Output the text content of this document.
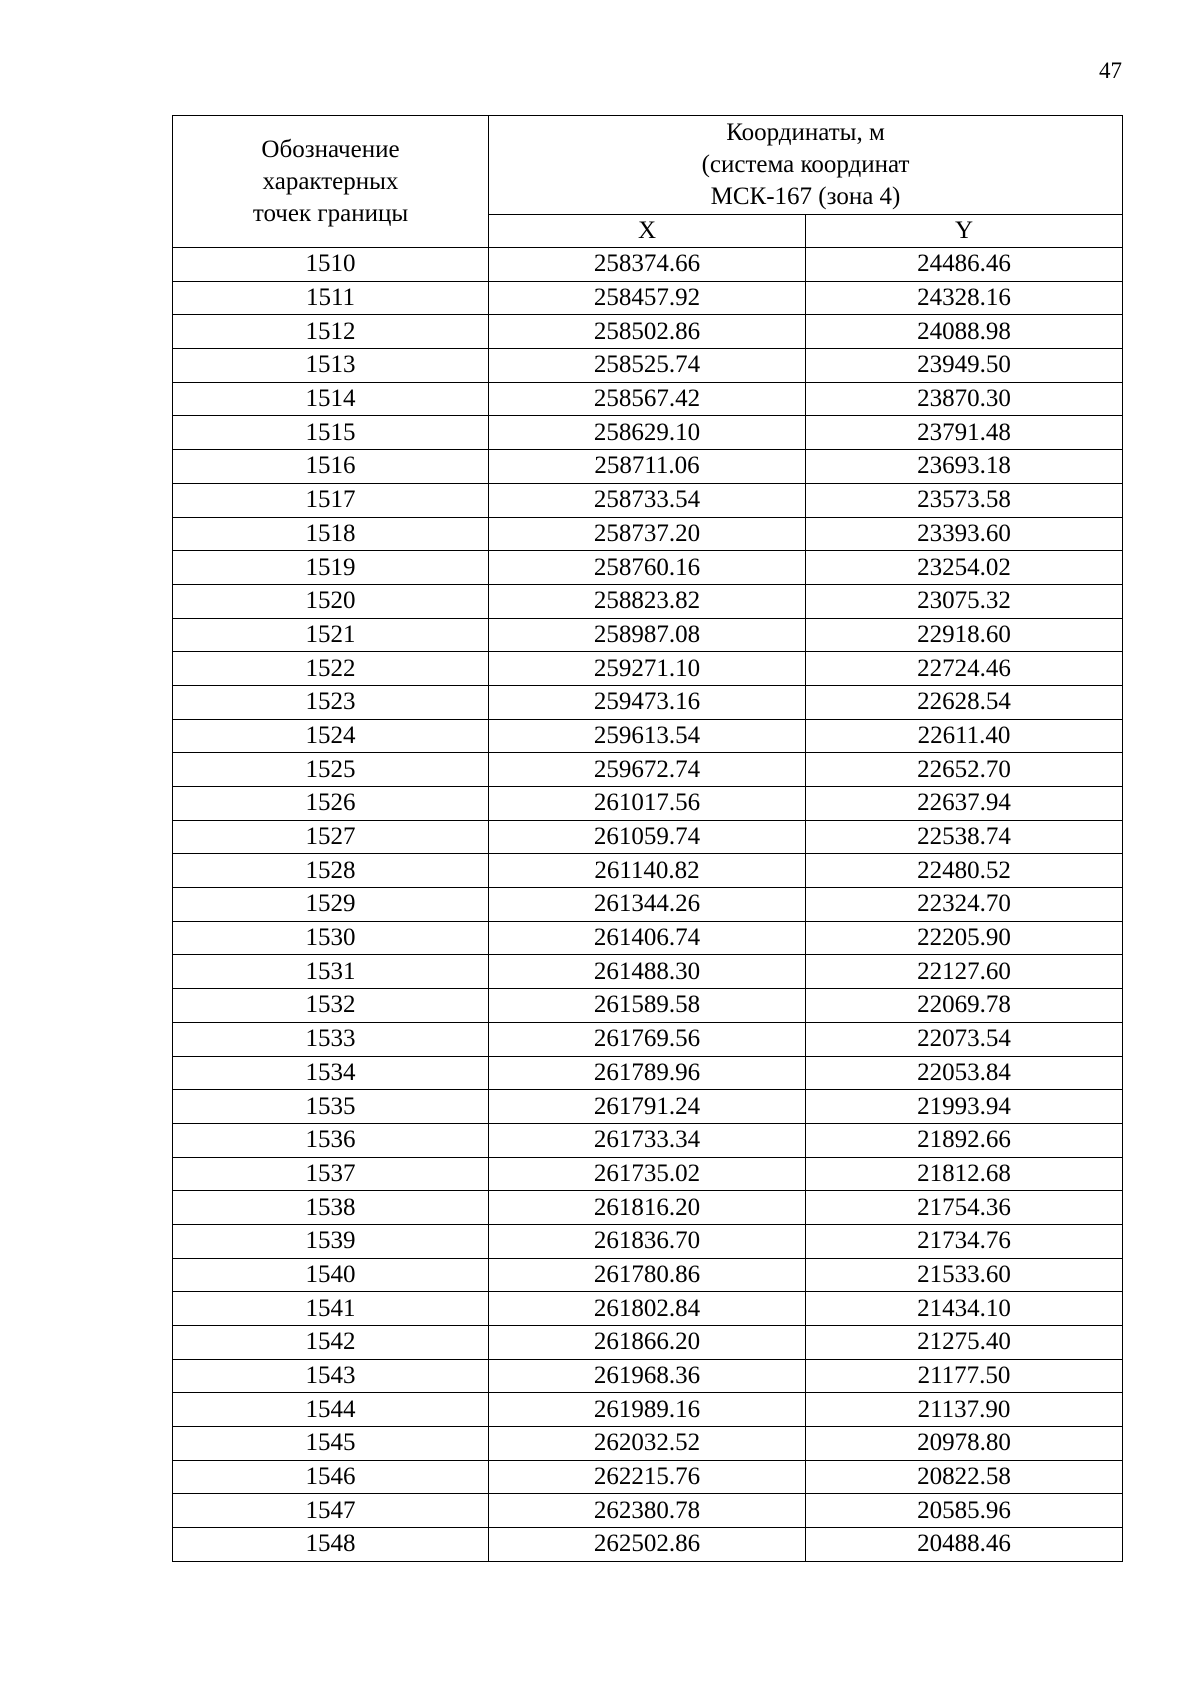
47
Обозначение
характерных
точек границы	Координаты, м
(система координат
МСК-167 (зона 4)	

	X	Y
1510	258374.66	24486.46
1511	258457.92	24328.16
1512	258502.86	24088.98
1513	258525.74	23949.50
1514	258567.42	23870.30
1515	258629.10	23791.48
1516	258711.06	23693.18
1517	258733.54	23573.58
1518	258737.20	23393.60
1519	258760.16	23254.02
1520	258823.82	23075.32
1521	258987.08	22918.60
1522	259271.10	22724.46
1523	259473.16	22628.54
1524	259613.54	22611.40
1525	259672.74	22652.70
1526	261017.56	22637.94
1527	261059.74	22538.74
1528	261140.82	22480.52
1529	261344.26	22324.70
1530	261406.74	22205.90
1531	261488.30	22127.60
1532	261589.58	22069.78
1533	261769.56	22073.54
1534	261789.96	22053.84
1535	261791.24	21993.94
1536	261733.34	21892.66
1537	261735.02	21812.68
1538	261816.20	21754.36
1539	261836.70	21734.76
1540	261780.86	21533.60
1541	261802.84	21434.10
1542	261866.20	21275.40
1543	261968.36	21177.50
1544	261989.16	21137.90
1545	262032.52	20978.80
1546	262215.76	20822.58
1547	262380.78	20585.96
1548	262502.86	20488.46
